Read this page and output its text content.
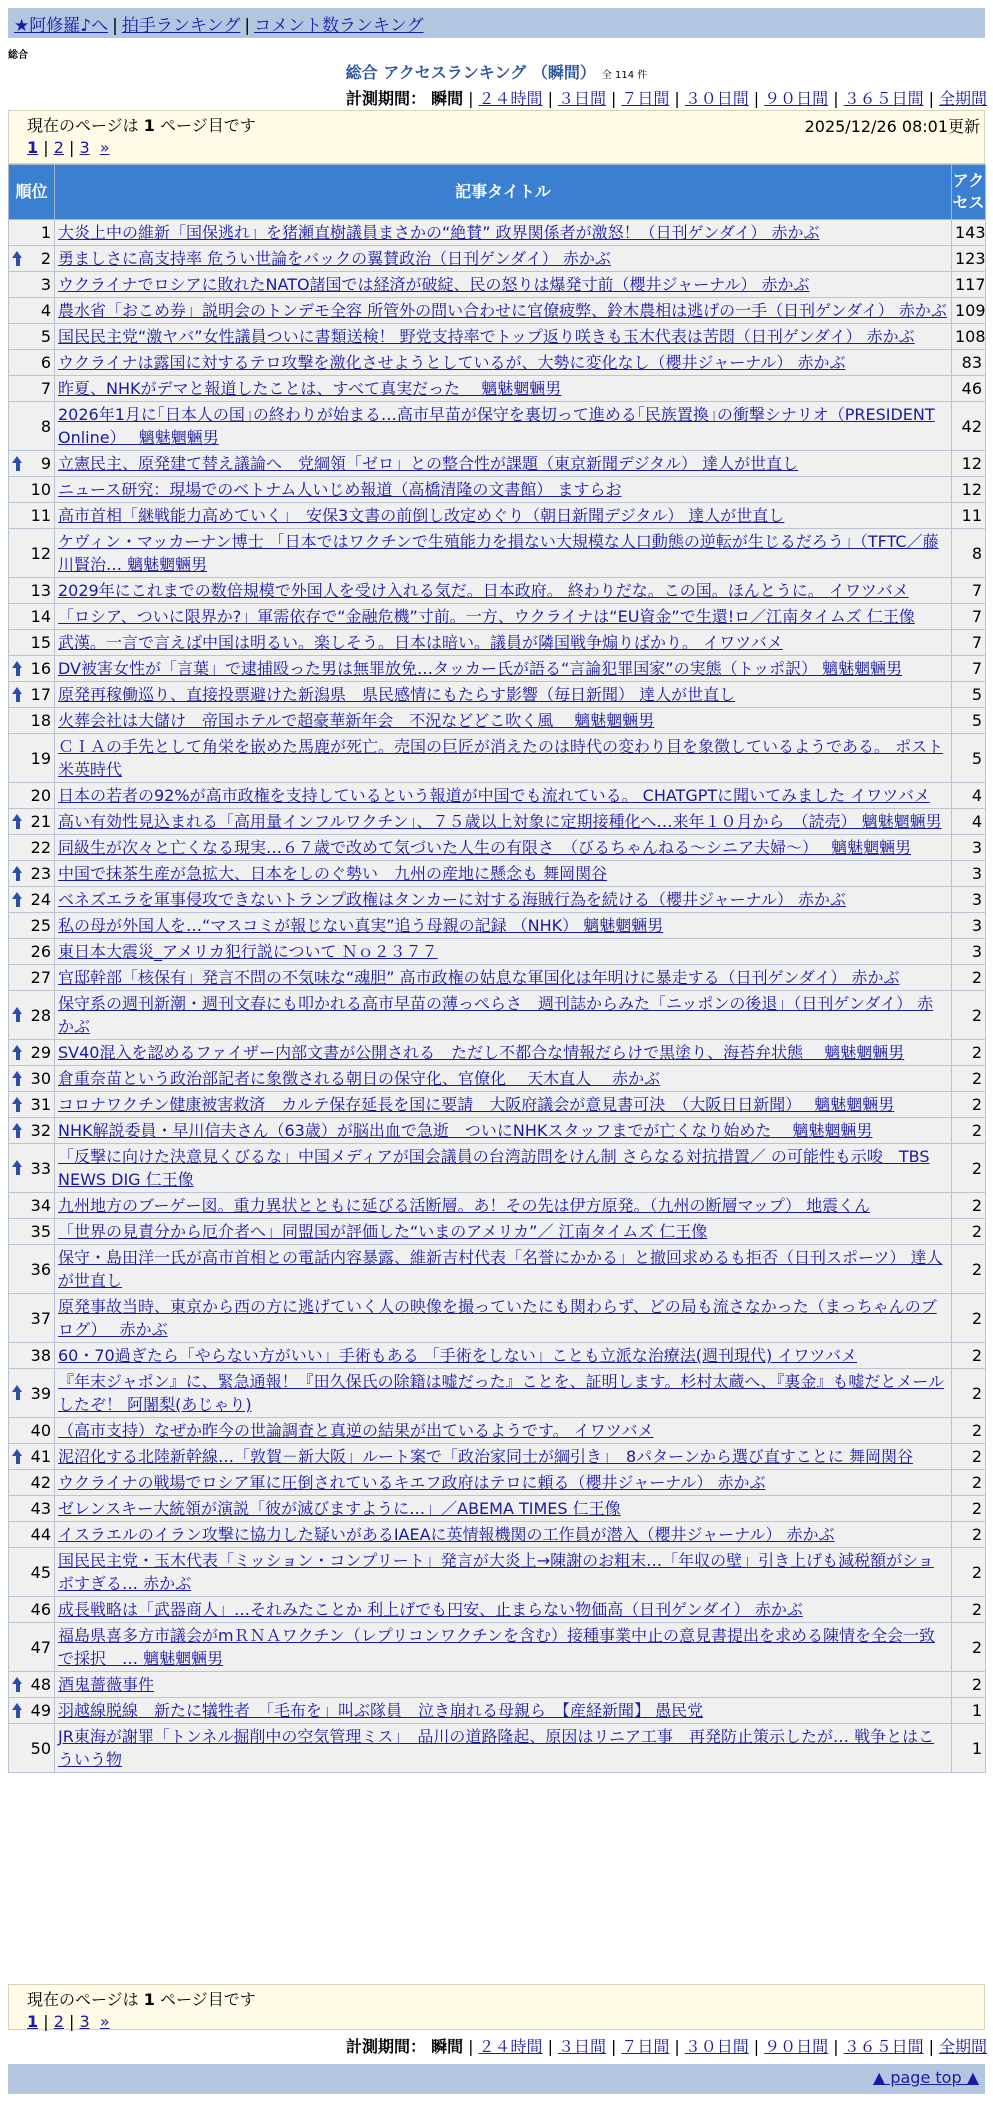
★阿修羅♪へ | 拍手ランキング | コメント数ランキング
総合
総合 アクセスランキング （瞬間） 全 114 件
計測期間： 瞬間 | ２４時間 | ３日間 | ７日間 | ３０日間 | ９０日間 | ３６５日間 | 全期間
現在のページは 1 ページ目です	2025/12/26 08:01更新
1 | 2 | 3 »
順位	記事タイトル	アクセス
1	大炎上中の維新「国保逃れ」を猪瀬直樹議員まさかの“絶賛” 政界関係者が激怒！（日刊ゲンダイ） 赤かぶ	143

2	勇ましさに高支持率 危うい世論をバックの翼賛政治（日刊ゲンダイ） 赤かぶ	123
3	ウクライナでロシアに敗れたNATO諸国では経済が破綻、民の怒りは爆発寸前（櫻井ジャーナル） 赤かぶ	117
4	農水省「おこめ券」説明会のトンデモ全容 所管外の問い合わせに官僚疲弊、鈴木農相は逃げの一手（日刊ゲンダイ） 赤かぶ	109
5	国民民主党“激ヤバ”女性議員ついに書類送検！ 野党支持率でトップ返り咲きも玉木代表は苦悶（日刊ゲンダイ） 赤かぶ	108
6	ウクライナは露国に対するテロ攻撃を激化させようとしているが、大勢に変化なし（櫻井ジャーナル） 赤かぶ	83
7	昨夏、NHKがデマと報道したことは、すべて真実だった　 魑魅魍魎男	46
8	2026年1月に｢日本人の国｣の終わりが始まる…高市早苗が保守を裏切って進める｢民族置換｣の衝撃シナリオ（PRESIDENT Online）　 魑魅魍魎男	42

9	立憲民主、原発建て替え議論へ　党綱領「ゼロ」との整合性が課題（東京新聞デジタル） 達人が世直し	12
10	ニュース研究：現場でのベトナム人いじめ報道（高橋清隆の文書館） ますらお	12
11	高市首相「継戦能力高めていく」　安保3文書の前倒し改定めぐり（朝日新聞デジタル） 達人が世直し	11
12	ケヴィン・マッカーナン博士 「日本ではワクチンで生殖能力を損ない大規模な人口動態の逆転が生じるだろう」（TFTC／藤川賢治… 魑魅魍魎男	8
13	2029年にこれまでの数倍規模で外国人を受け入れる気だ。日本政府。 終わりだな。この国。ほんとうに。 イワツバメ	7
14	「ロシア、ついに限界か?」軍需依存で“金融危機”寸前。一方、ウクライナは“EU資金”で生還!ロ／江南タイムズ 仁王像	7
15	武漢。一言で言えば中国は明るい。楽しそう。日本は暗い。議員が隣国戦争煽りばかり。 イワツバメ	7

16	DV被害女性が「言葉」で逮捕殴った男は無罪放免…タッカー氏が語る“言論犯罪国家”の実態（トッポ訳） 魑魅魍魎男	7

17	原発再稼働巡り、直接投票避けた新潟県　県民感情にもたらす影響（毎日新聞） 達人が世直し	5
18	火葬会社は大儲け　帝国ホテルで超豪華新年会　不況などどこ吹く風　 魑魅魍魎男	5
19	ＣＩＡの手先として角栄を嵌めた馬鹿が死亡。売国の巨匠が消えたのは時代の変わり目を象徴しているようである。 ポスト米英時代	5
20	日本の若者の92%が高市政権を支持しているという報道が中国でも流れている。 CHATGPTに聞いてみました イワツバメ	4

21	高い有効性見込まれる「高用量インフルワクチン」、７５歳以上対象に定期接種化へ…来年１０月から　（読売） 魑魅魍魎男	4
22	同級生が次々と亡くなる現実…６７歳で改めて気づいた人生の有限さ　（びるちゃんねる～シニア夫婦～）　 魑魅魍魎男	3

23	中国で抹茶生産が急拡大、日本をしのぐ勢い　九州の産地に懸念も 舞岡関谷	3

24	ベネズエラを軍事侵攻できないトランプ政権はタンカーに対する海賊行為を続ける（櫻井ジャーナル） 赤かぶ	3
25	私の母が外国人を…“マスコミが報じない真実”追う母親の記録 （NHK） 魑魅魍魎男	3
26	東日本大震災_アメリカ犯行説について Ｎｏ２３７７	3
27	官邸幹部「核保有」発言不問の不気味な“魂胆” 高市政権の姑息な軍国化は年明けに暴走する（日刊ゲンダイ） 赤かぶ	2

28	保守系の週刊新潮・週刊文春にも叩かれる高市早苗の薄っぺらさ　週刊誌からみた「ニッポンの後退」（日刊ゲンダイ） 赤かぶ	2

29	SV40混入を認めるファイザー内部文書が公開される　ただし不都合な情報だらけで黒塗り、海苔弁状態　 魑魅魍魎男	2

30	倉重奈苗という政治部記者に象徴される朝日の保守化、官僚化　 天木直人　 赤かぶ	2

31	コロナワクチン健康被害救済　カルテ保存延長を国に要請　大阪府議会が意見書可決　（大阪日日新聞）　 魑魅魍魎男	2

32	NHK解説委員・早川信夫さん（63歳）が脳出血で急逝　ついにNHKスタッフまでが亡くなり始めた　 魑魅魍魎男	2

33	「反撃に向けた決意見くびるな」中国メディアが国会議員の台湾訪問をけん制 さらなる対抗措置／ の可能性も示唆　TBS NEWS DIG 仁王像	2
34	九州地方のブーゲー図。重力異状とともに延びる活断層。あ！その先は伊方原発。（九州の断層マップ） 地震くん	2
35	「世界の見責分から厄介者へ」同盟国が評価した“いまのアメリカ”／ 江南タイムズ 仁王像	2
36	保守・島田洋一氏が高市首相との電話内容暴露、維新吉村代表「名誉にかかる」と撤回求めるも拒否（日刊スポーツ） 達人が世直し	2
37	原発事故当時、東京から西の方に逃げていく人の映像を撮っていたにも関わらず、どの局も流さなかった（まっちゃんのブログ）　 赤かぶ	2
38	60・70過ぎたら「やらない方がいい」手術もある 「手術をしない」ことも立派な治療法(週刊現代) イワツバメ	2

39	『年末ジャポン』に、緊急通報！『田久保氏の除籍は嘘だった』ことを、証明します。杉村太蔵へ、『裏金』も嘘だとメールしたぞ！ 阿闍梨(あじゃり)	2
40	（高市支持）なぜか昨今の世論調査と真逆の結果が出ているようです。 イワツバメ	2

41	泥沼化する北陸新幹線…「敦賀－新大阪」ルート案で「政治家同士が綱引き」　8パターンから選び直すことに 舞岡関谷	2
42	ウクライナの戦場でロシア軍に圧倒されているキエフ政府はテロに頼る（櫻井ジャーナル） 赤かぶ	2
43	ゼレンスキー大統領が演説「彼が滅びますように…」／ABEMA TIMES 仁王像	2
44	イスラエルのイラン攻撃に協力した疑いがあるIAEAに英情報機関の工作員が潜入（櫻井ジャーナル） 赤かぶ	2
45	国民民主党・玉木代表「ミッション・コンプリート」発言が大炎上→陳謝のお粗末…「年収の壁」引き上げも減税額がショボすぎる… 赤かぶ	2
46	成長戦略は「武器商人」…それみたことか 利上げでも円安、止まらない物価高（日刊ゲンダイ） 赤かぶ	2
47	福島県喜多方市議会がmＲＮＡワクチン（レプリコンワクチンを含む）接種事業中止の意見書提出を求める陳情を全会一致で採択　… 魑魅魍魎男	2

48	酒鬼薔薇事件	2

49	羽越線脱線　新たに犠牲者　「毛布を」叫ぶ隊員　泣き崩れる母親ら　【産経新聞】 愚民党	1
50	JR東海が謝罪「トンネル掘削中の空気管理ミス」　品川の道路隆起、原因はリニア工事　再発防止策示したが… 戦争とはこういう物	1
現在のページは 1 ページ目です
1 | 2 | 3 »
計測期間： 瞬間 | ２４時間 | ３日間 | ７日間 | ３０日間 | ９０日間 | ３６５日間 | 全期間
▲ page top ▲
